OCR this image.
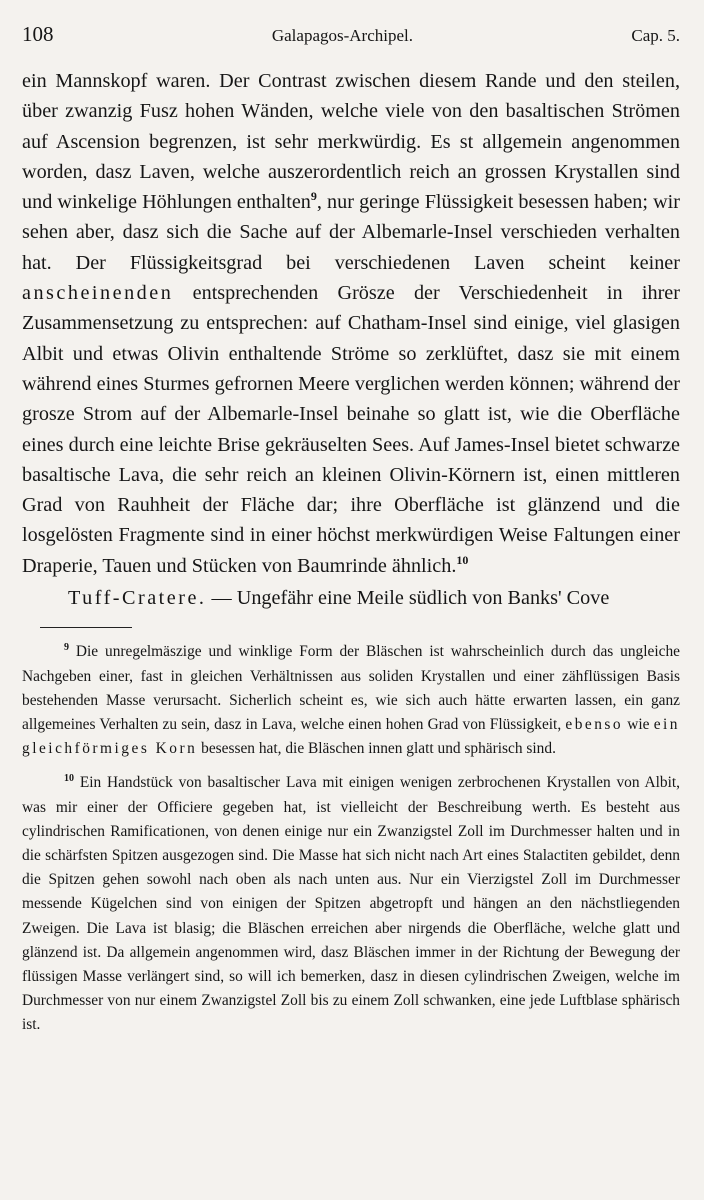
108	Galapagos-Archipel.	Cap. 5.

ein Mannskopf waren. Der Contrast zwischen diesem Rande und den steilen, über zwanzig Fusz hohen Wänden, welche viele von den basaltischen Strömen auf Ascension begrenzen, ist sehr merkwürdig. Es st allgemein angenommen worden, dasz Laven, welche auszerordentlich reich an grossen Krystallen sind und winkelige Höhlungen enthalten$^9$, nur geringe Flüssigkeit besessen haben; wir sehen aber, dasz sich die Sache auf der Albemarle-Insel verschieden verhalten hat. Der Flüssigkeitsgrad bei verschiedenen Laven scheint keiner anscheinenden entsprechenden Grösze der Verschiedenheit in ihrer Zusammensetzung zu entsprechen: auf Chatham-Insel sind einige, viel glasigen Albit und etwas Olivin enthaltende Ströme so zerklüftet, dasz sie mit einem während eines Sturmes gefrornen Meere verglichen werden können; während der grosze Strom auf der Albemarle-Insel beinahe so glatt ist, wie die Oberfläche eines durch eine leichte Brise gekräuselten Sees. Auf James-Insel bietet schwarze basaltische Lava, die sehr reich an kleinen Olivin-Körnern ist, einen mittleren Grad von Rauhheit der Fläche dar; ihre Oberfläche ist glänzend und die losgelösten Fragmente sind in einer höchst merkwürdigen Weise Faltungen einer Draperie, Tauen und Stücken von Baumrinde ähnlich.$^{10}$

Tuff-Cratere. — Ungefähr eine Meile südlich von Banks' Cove

$^9$ Die unregelmäszige und winklige Form der Bläschen ist wahrscheinlich durch das ungleiche Nachgeben einer, fast in gleichen Verhältnissen aus soliden Krystallen und einer zähflüssigen Basis bestehenden Masse verursacht. Sicherlich scheint es, wie sich auch hätte erwarten lassen, ein ganz allgemeines Verhalten zu sein, dasz in Lava, welche einen hohen Grad von Flüssigkeit, ebenso wie ein gleichförmiges Korn besessen hat, die Bläschen innen glatt und sphärisch sind.

$^{10}$ Ein Handstück von basaltischer Lava mit einigen wenigen zerbrochenen Krystallen von Albit, was mir einer der Officiere gegeben hat, ist vielleicht der Beschreibung werth. Es besteht aus cylindrischen Ramificationen, von denen einige nur ein Zwanzigstel Zoll im Durchmesser halten und in die schärfsten Spitzen ausgezogen sind. Die Masse hat sich nicht nach Art eines Stalactiten gebildet, denn die Spitzen gehen sowohl nach oben als nach unten aus. Nur ein Vierzigstel Zoll im Durchmesser messende Kügelchen sind von einigen der Spitzen abgetropft und hängen an den nächstliegenden Zweigen. Die Lava ist blasig; die Bläschen erreichen aber nirgends die Oberfläche, welche glatt und glänzend ist. Da allgemein angenommen wird, dasz Bläschen immer in der Richtung der Bewegung der flüssigen Masse verlängert sind, so will ich bemerken, dasz in diesen cylindrischen Zweigen, welche im Durchmesser von nur einem Zwanzigstel Zoll bis zu einem Zoll schwanken, eine jede Luftblase sphärisch ist.
